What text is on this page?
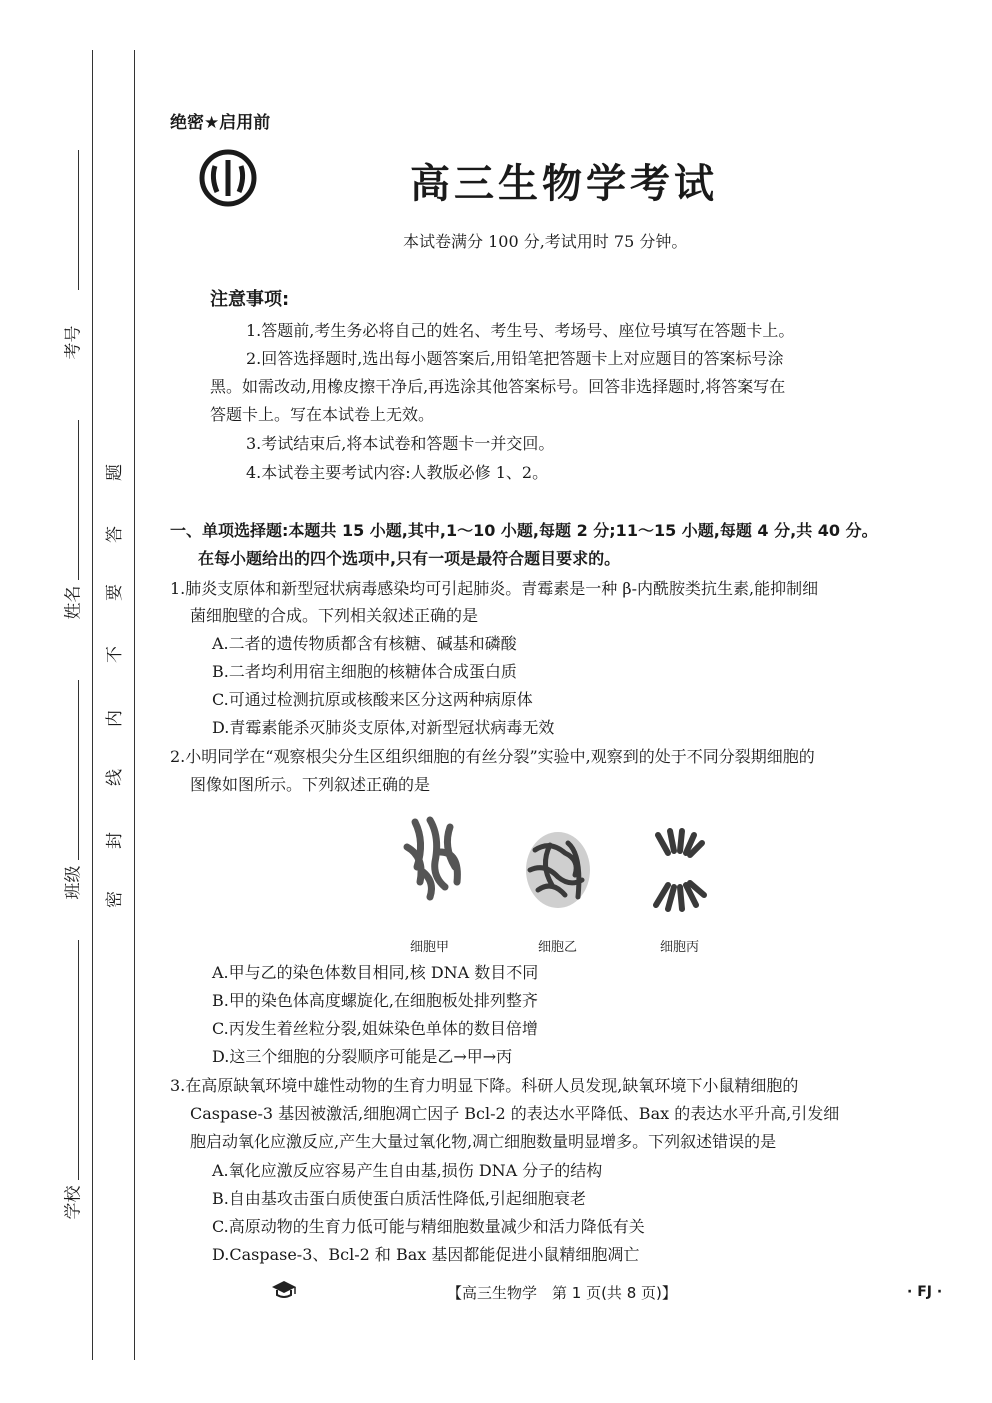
考号
姓名
班级
学校
题
答
要
不
内
线
封
密
绝密★启用前
高三生物学考试
本试卷满分 100 分,考试用时 75 分钟。
注意事项:
1.答题前,考生务必将自己的姓名、考生号、考场号、座位号填写在答题卡上。
2.回答选择题时,选出每小题答案后,用铅笔把答题卡上对应题目的答案标号涂
黑。如需改动,用橡皮擦干净后,再选涂其他答案标号。回答非选择题时,将答案写在
答题卡上。写在本试卷上无效。
3.考试结束后,将本试卷和答题卡一并交回。
4.本试卷主要考试内容:人教版必修 1、2。
一、单项选择题:本题共 15 小题,其中,1～10 小题,每题 2 分;11～15 小题,每题 4 分,共 40 分。
在每小题给出的四个选项中,只有一项是最符合题目要求的。
1.肺炎支原体和新型冠状病毒感染均可引起肺炎。青霉素是一种 β-内酰胺类抗生素,能抑制细
菌细胞壁的合成。下列相关叙述正确的是
A.二者的遗传物质都含有核糖、碱基和磷酸
B.二者均利用宿主细胞的核糖体合成蛋白质
C.可通过检测抗原或核酸来区分这两种病原体
D.青霉素能杀灭肺炎支原体,对新型冠状病毒无效
2.小明同学在“观察根尖分生区组织细胞的有丝分裂”实验中,观察到的处于不同分裂期细胞的
图像如图所示。下列叙述正确的是
细胞甲	细胞乙	细胞丙
A.甲与乙的染色体数目相同,核 DNA 数目不同
B.甲的染色体高度螺旋化,在细胞板处排列整齐
C.丙发生着丝粒分裂,姐妹染色单体的数目倍增
D.这三个细胞的分裂顺序可能是乙→甲→丙
3.在高原缺氧环境中雄性动物的生育力明显下降。科研人员发现,缺氧环境下小鼠精细胞的
Caspase-3 基因被激活,细胞凋亡因子 Bcl-2 的表达水平降低、Bax 的表达水平升高,引发细
胞启动氧化应激反应,产生大量过氧化物,凋亡细胞数量明显增多。下列叙述错误的是
A.氧化应激反应容易产生自由基,损伤 DNA 分子的结构
B.自由基攻击蛋白质使蛋白质活性降低,引起细胞衰老
C.高原动物的生育力低可能与精细胞数量减少和活力降低有关
D.Caspase-3、Bcl-2 和 Bax 基因都能促进小鼠精细胞凋亡
【高三生物学　第 1 页(共 8 页)】	· FJ ·
